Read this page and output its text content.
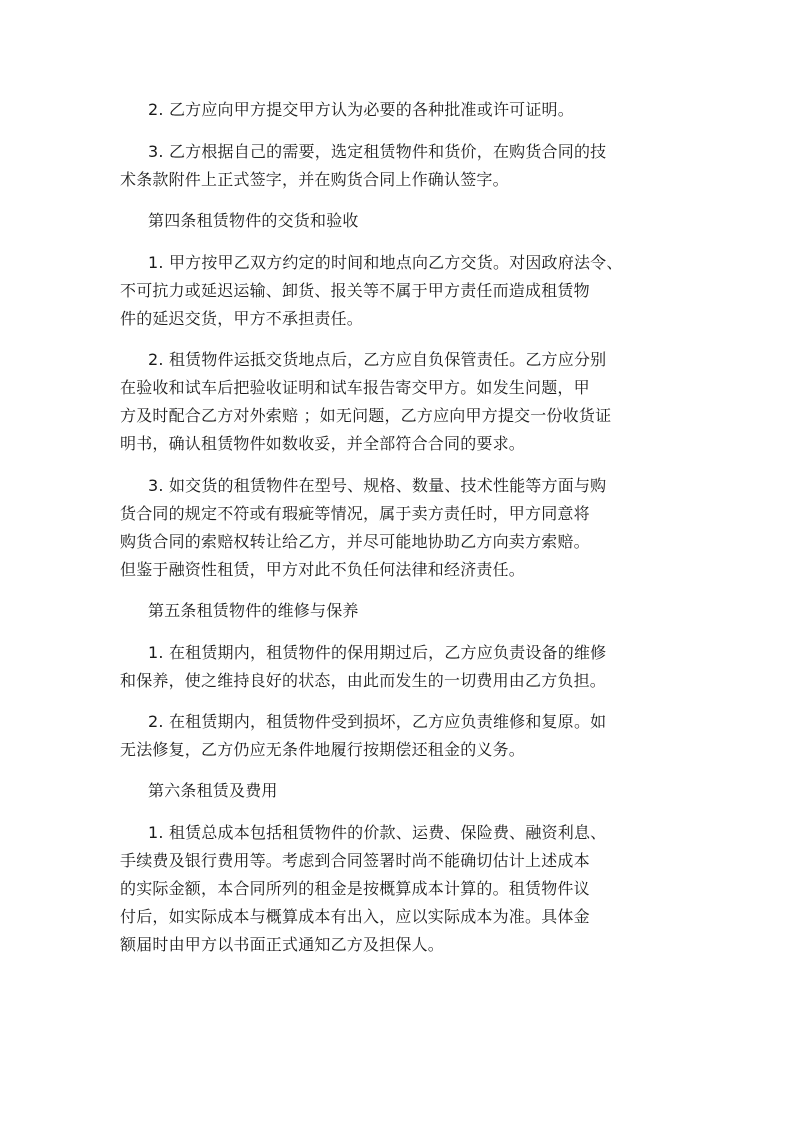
2. 乙方应向甲方提交甲方认为必要的各种批准或许可证明。
3. 乙方根据自己的需要，选定租赁物件和货价，在购货合同的技
术条款附件上正式签字，并在购货合同上作确认签字。
第四条租赁物件的交货和验收
1. 甲方按甲乙双方约定的时间和地点向乙方交货。对因政府法令、
不可抗力或延迟运输、卸货、报关等不属于甲方责任而造成租赁物
件的延迟交货，甲方不承担责任。
2. 租赁物件运抵交货地点后，乙方应自负保管责任。乙方应分别
在验收和试车后把验收证明和试车报告寄交甲方。如发生问题，甲
方及时配合乙方对外索赔 ；如无问题，乙方应向甲方提交一份收货证
明书，确认租赁物件如数收妥，并全部符合合同的要求。
3. 如交货的租赁物件在型号、规格、数量、技术性能等方面与购
货合同的规定不符或有瑕疵等情况，属于卖方责任时，甲方同意将
购货合同的索赔权转让给乙方，并尽可能地协助乙方向卖方索赔。
但鉴于融资性租赁，甲方对此不负任何法律和经济责任。
第五条租赁物件的维修与保养
1. 在租赁期内，租赁物件的保用期过后，乙方应负责设备的维修
和保养，使之维持良好的状态，由此而发生的一切费用由乙方负担。
2. 在租赁期内，租赁物件受到损坏，乙方应负责维修和复原。如
无法修复，乙方仍应无条件地履行按期偿还租金的义务。
第六条租赁及费用
1. 租赁总成本包括租赁物件的价款、运费、保险费、融资利息、
手续费及银行费用等。考虑到合同签署时尚不能确切估计上述成本
的实际金额，本合同所列的租金是按概算成本计算的。租赁物件议
付后，如实际成本与概算成本有出入，应以实际成本为准。具体金
额届时由甲方以书面正式通知乙方及担保人。
